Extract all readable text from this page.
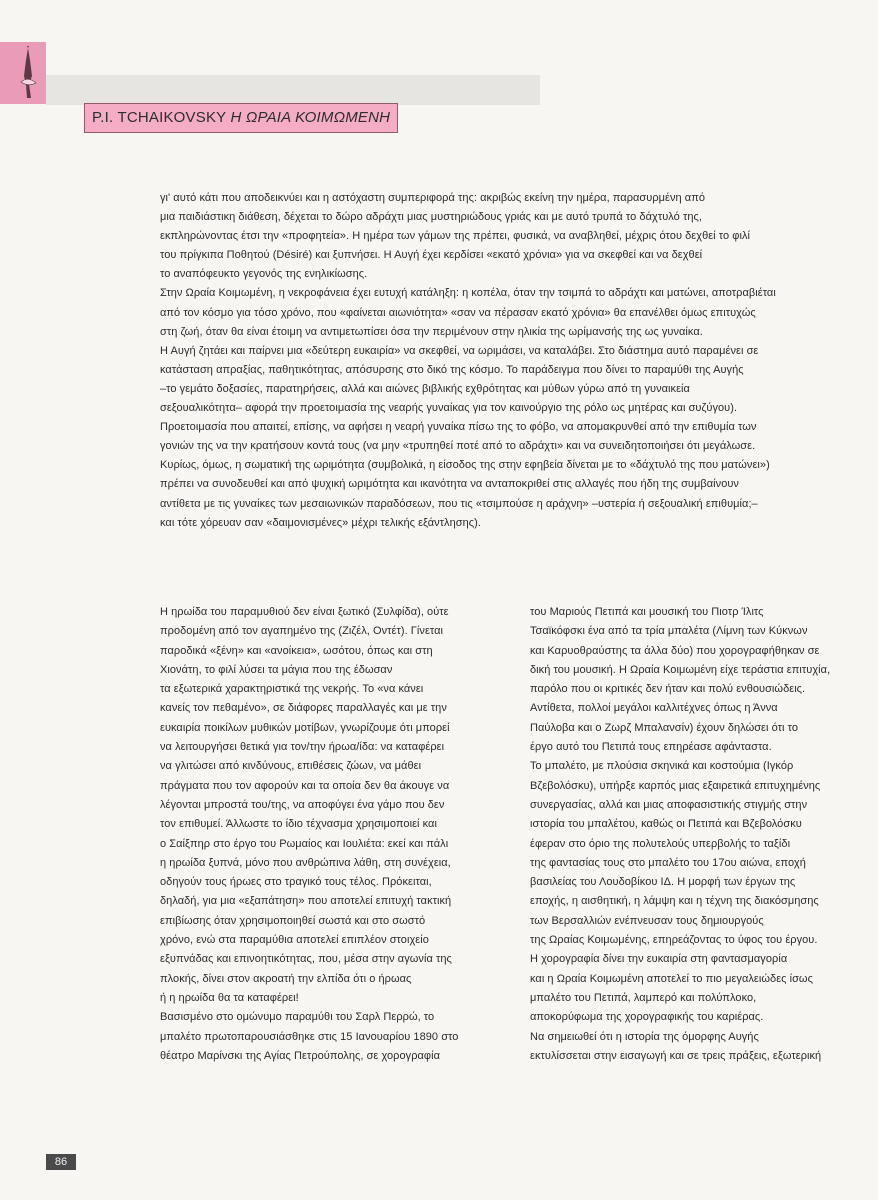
P.I. TCHAIKOVSKY Η ΩΡΑΙΑ ΚΟΙΜΩΜΕΝΗ

γι' αυτό κάτι που αποδεικνύει και η αστόχαστη συμπεριφορά της: ακριβώς εκείνη την ημέρα, παρασυρμένη από

μια παιδιάστικη διάθεση, δέχεται το δώρο αδράχτι μιας μυστηριώδους γριάς και με αυτό τρυπά το δάχτυλό της,

εκπληρώνοντας έτσι την «προφητεία». Η ημέρα των γάμων της πρέπει, φυσικά, να αναβληθεί, μέχρις ότου δεχθεί το φιλί

του πρίγκιπα Ποθητού (Désiré) και ξυπνήσει. Η Αυγή έχει κερδίσει «εκατό χρόνια» για να σκεφθεί και να δεχθεί

το αναπόφευκτο γεγονός της ενηλικίωσης.

Στην Ωραία Κοιμωμένη, η νεκροφάνεια έχει ευτυχή κατάληξη: η κοπέλα, όταν την τσιμπά το αδράχτι και ματώνει, αποτραβιέται

από τον κόσμο για τόσο χρόνο, που «φαίνεται αιωνιότητα» «σαν να πέρασαν εκατό χρόνια» θα επανέλθει όμως επιτυχώς

στη ζωή, όταν θα είναι έτοιμη να αντιμετωπίσει όσα την περιμένουν στην ηλικία της ωρίμανσής της ως γυναίκα.

Η Αυγή ζητάει και παίρνει μια «δεύτερη ευκαιρία» να σκεφθεί, να ωριμάσει, να καταλάβει. Στο διάστημα αυτό παραμένει σε

κατάσταση απραξίας, παθητικότητας, απόσυρσης στο δικό της κόσμο. Το παράδειγμα που δίνει το παραμύθι της Αυγής

–το γεμάτο δοξασίες, παρατηρήσεις, αλλά και αιώνες βιβλικής εχθρότητας και μύθων γύρω από τη γυναικεία

σεξουαλικότητα– αφορά την προετοιμασία της νεαρής γυναίκας για τον καινούργιο της ρόλο ως μητέρας και συζύγου).

Προετοιμασία που απαιτεί, επίσης, να αφήσει η νεαρή γυναίκα πίσω της το φόβο, να απομακρυνθεί από την επιθυμία των

γονιών της να την κρατήσουν κοντά τους (να μην «τρυπηθεί ποτέ από το αδράχτι» και να συνειδητοποιήσει ότι μεγάλωσε.

Κυρίως, όμως, η σωματική της ωριμότητα (συμβολικά, η είσοδος της στην εφηβεία δίνεται με το «δάχτυλό της που ματώνει»)

πρέπει να συνοδευθεί και από ψυχική ωριμότητα και ικανότητα να ανταποκριθεί στις αλλαγές που ήδη της συμβαίνουν

αντίθετα με τις γυναίκες των μεσαιωνικών παραδόσεων, που τις «τσιμπούσε η αράχνη» –υστερία ή σεξουαλική επιθυμία;–

και τότε χόρευαν σαν «δαιμονισμένες» μέχρι τελικής εξάντλησης).

Η ηρωίδα του παραμυθιού δεν είναι ξωτικό (Συλφίδα), ούτε

προδομένη από τον αγαπημένο της (Ζιζέλ, Οντέτ). Γίνεται

παροδικά «ξένη» και «ανοίκεια», ωσότου, όπως και στη

Χιονάτη, το φιλί λύσει τα μάγια που της έδωσαν

τα εξωτερικά χαρακτηριστικά της νεκρής. Το «να κάνει

κανείς τον πεθαμένο», σε διάφορες παραλλαγές και με την

ευκαιρία ποικίλων μυθικών μοτίβων, γνωρίζουμε ότι μπορεί

να λειτουργήσει θετικά για τον/την ήρωα/ίδα: να καταφέρει

να γλιτώσει από κινδύνους, επιθέσεις ζώων, να μάθει

πράγματα που τον αφορούν και τα οποία δεν θα άκουγε να

λέγονται μπροστά του/της, να αποφύγει ένα γάμο που δεν

τον επιθυμεί. Άλλωστε το ίδιο τέχνασμα χρησιμοποιεί και

ο Σαίξπηρ στο έργο του Ρωμαίος και Ιουλιέτα: εκεί και πάλι

η ηρωίδα ξυπνά, μόνο που ανθρώπινα λάθη, στη συνέχεια,

οδηγούν τους ήρωες στο τραγικό τους τέλος. Πρόκειται,

δηλαδή, για μια «εξαπάτηση» που αποτελεί επιτυχή τακτική

επιβίωσης όταν χρησιμοποιηθεί σωστά και στο σωστό

χρόνο, ενώ στα παραμύθια αποτελεί επιπλέον στοιχείο

εξυπνάδας και επινοητικότητας, που, μέσα στην αγωνία της

πλοκής, δίνει στον ακροατή την ελπίδα ότι ο ήρωας

ή η ηρωίδα θα τα καταφέρει!

Βασισμένο στο ομώνυμο παραμύθι του Σαρλ Περρώ, το

μπαλέτο πρωτοπαρουσιάσθηκε στις 15 Ιανουαρίου 1890 στο

θέατρο Μαρίνσκι της Αγίας Πετρούπολης, σε χορογραφία

του Μαριούς Πετιπά και μουσική του Πιοτρ Ίλιτς

Τσαϊκόφσκι ένα από τα τρία μπαλέτα (Λίμνη των Κύκνων

και Καρυοθραύστης τα άλλα δύο) που χορογραφήθηκαν σε

δική του μουσική. Η Ωραία Κοιμωμένη είχε τεράστια επιτυχία,

παρόλο που οι κριτικές δεν ήταν και πολύ ενθουσιώδεις.

Αντίθετα, πολλοί μεγάλοι καλλιτέχνες όπως η Άννα

Παύλοβα και ο Ζωρζ Μπαλανσίν) έχουν δηλώσει ότι το

έργο αυτό του Πετιπά τους επηρέασε αφάνταστα.

Το μπαλέτο, με πλούσια σκηνικά και κοστούμια (Ιγκόρ

Βζεβολόσκυ), υπήρξε καρπός μιας εξαιρετικά επιτυχημένης

συνεργασίας, αλλά και μιας αποφασιστικής στιγμής στην

ιστορία του μπαλέτου, καθώς οι Πετιπά και Βζεβολόσκυ

έφεραν στο όριο της πολυτελούς υπερβολής το ταξίδι

της φαντασίας τους στο μπαλέτο του 17ου αιώνα, εποχή

βασιλείας του Λουδοβίκου ΙΔ. Η μορφή των έργων της

εποχής, η αισθητική, η λάμψη και η τέχνη της διακόσμησης

των Βερσαλλιών ενέπνευσαν τους δημιουργούς

της Ωραίας Κοιμωμένης, επηρεάζοντας το ύφος του έργου.

Η χορογραφία δίνει την ευκαιρία στη φαντασμαγορία

και η Ωραία Κοιμωμένη αποτελεί το πιο μεγαλειώδες ίσως

μπαλέτο του Πετιπά, λαμπερό και πολύπλοκο,

αποκορύφωμα της χορογραφικής του καριέρας.

Να σημειωθεί ότι η ιστορία της όμορφης Αυγής

εκτυλίσσεται στην εισαγωγή και σε τρεις πράξεις, εξωτερική

86
